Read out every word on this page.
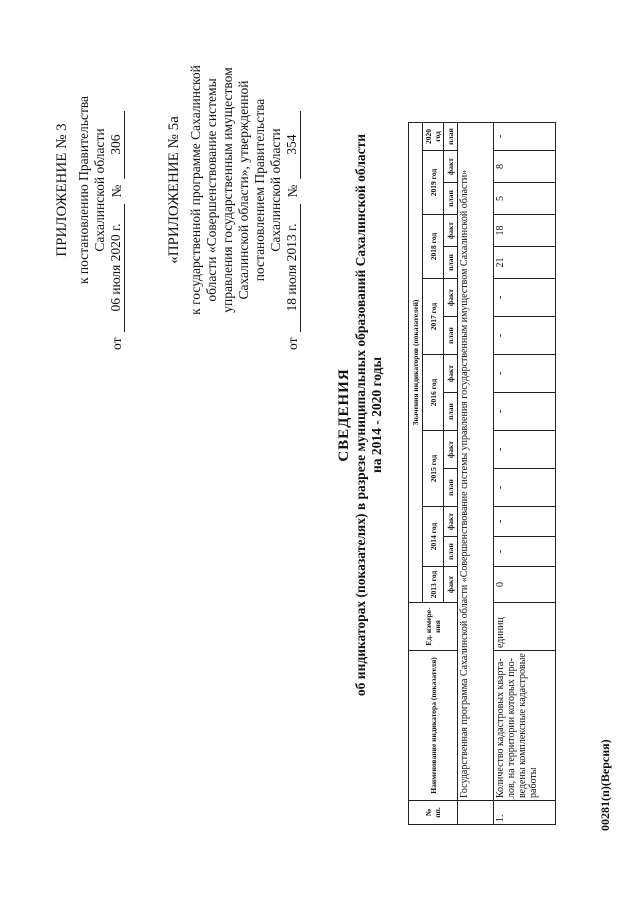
ПРИЛОЖЕНИЕ № 3 к постановлению Правительства Сахалинской области
от
06 июля 2020 г.
№
306	«ПРИЛОЖЕНИЕ № 5а к государственной программе Сахалинской области «Совершенствование системы управления государственным имуществом Сахалинской области», утвержденной постановлением Правительства Сахалинской области
от
18 июля 2013 г.
№
354
СВЕДЕНИЯ об индикаторах (показателях) в разрезе муниципальных образований Сахалинской области на 2014 - 2020 годы
№ пп.	Наименование индикатора (показателя)	Ед. измере-ния	Значения индикаторов (показателей)													
			2013 год	2014 год		2015 год		2016 год		2017 год		2018 год		2019 год		2020 год
			факт	план	факт	план	факт	план	факт	план	факт	план	факт	план	факт	план
	Государственная программа Сахалинской области «Совершенствование системы управления государственным имуществом Сахалинской области»															
1.	Количество кадастровых кварта-лов, на территории которых про-ведены комплексные кадастровые работы	единиц	0	-	-	-	-	-	-	-	-	21	18	5	8	-
00281(п)(Версия)
